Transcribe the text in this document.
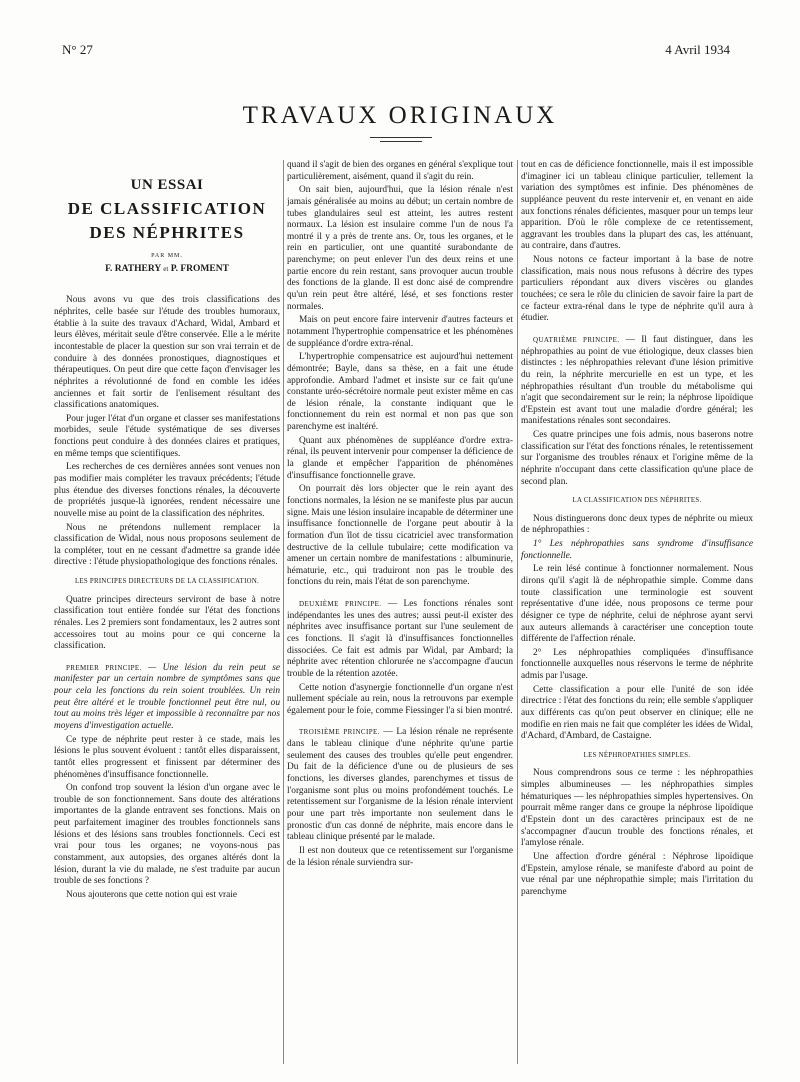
N° 27	4 Avril 1934
TRAVAUX ORIGINAUX
UN ESSAI
DE CLASSIFICATION
DES NÉPHRITES
PAR MM.
F. RATHERY et P. FROMENT

Nous avons vu que des trois classifications des néphrites, celle basée sur l'étude des troubles humoraux, établie à la suite des travaux d'Achard, Widal, Ambard et leurs élèves, méritait seule d'être conservée. Elle a le mérite incontestable de placer la question sur son vrai terrain et de conduire à des données pronostiques, diagnostiques et thérapeutiques. On peut dire que cette façon d'envisager les néphrites a révolutionné de fond en comble les idées anciennes et fait sortir de l'enlisement résultant des classifications anatomiques.

Pour juger l'état d'un organe et classer ses manifestations morbides, seule l'étude systématique de ses diverses fonctions peut conduire à des données claires et pratiques, en même temps que scientifiques.

Les recherches de ces dernières années sont venues non pas modifier mais compléter les travaux précédents; l'étude plus étendue des diverses fonctions rénales, la découverte de propriétés jusque-là ignorées, rendent nécessaire une nouvelle mise au point de la classification des néphrites.

Nous ne prétendons nullement remplacer la classification de Widal, nous nous proposons seulement de la compléter, tout en ne cessant d'admettre sa grande idée directive : l'étude physiopathologique des fonctions rénales.

LES PRINCIPES DIRECTEURS DE LA CLASSIFICATION.

Quatre principes directeurs serviront de base à notre classification tout entière fondée sur l'état des fonctions rénales. Les 2 premiers sont fondamentaux, les 2 autres sont accessoires tout au moins pour ce qui concerne la classification.

PREMIER PRINCIPE. — Une lésion du rein peut se manifester par un certain nombre de symptômes sans que pour cela les fonctions du rein soient troublées. Un rein peut être altéré et le trouble fonctionnel peut être nul, ou tout au moins très léger et impossible à reconnaître par nos moyens d'investigation actuelle.

Ce type de néphrite peut rester à ce stade, mais les lésions le plus souvent évoluent : tantôt elles disparaissent, tantôt elles progressent et finissent par déterminer des phénomènes d'insuffisance fonctionnelle.

On confond trop souvent la lésion d'un organe avec le trouble de son fonctionnement. Sans doute des altérations importantes de la glande entravent ses fonctions. Mais on peut parfaitement imaginer des troubles fonctionnels sans lésions et des lésions sans troubles fonctionnels. Ceci est vrai pour tous les organes; ne voyons-nous pas constamment, aux autopsies, des organes altérés dont la lésion, durant la vie du malade, ne s'est traduite par aucun trouble de ses fonctions ?

Nous ajouterons que cette notion qui est vraie

quand il s'agit de bien des organes en général s'explique tout particulièrement, aisément, quand il s'agit du rein.

On sait bien, aujourd'hui, que la lésion rénale n'est jamais généralisée au moins au début; un certain nombre de tubes glandulaires seul est atteint, les autres restent normaux. La lésion est insulaire comme l'un de nous l'a montré il y a près de trente ans. Or, tous les organes, et le rein en particulier, ont une quantité surabondante de parenchyme; on peut enlever l'un des deux reins et une partie encore du rein restant, sans provoquer aucun trouble des fonctions de la glande. Il est donc aisé de comprendre qu'un rein peut être altéré, lésé, et ses fonctions rester normales.

Mais on peut encore faire intervenir d'autres facteurs et notamment l'hypertrophie compensatrice et les phénomènes de suppléance d'ordre extra-rénal.

L'hypertrophie compensatrice est aujourd'hui nettement démontrée; Bayle, dans sa thèse, en a fait une étude approfondie. Ambard l'admet et insiste sur ce fait qu'une constante uréo-sécrétoire normale peut exister même en cas de lésion rénale, la constante indiquant que le fonctionnement du rein est normal et non pas que son parenchyme est inaltéré.

Quant aux phénomènes de suppléance d'ordre extra-rénal, ils peuvent intervenir pour compenser la déficience de la glande et empêcher l'apparition de phénomènes d'insuffisance fonctionnelle grave.

On pourrait dès lors objecter que le rein ayant des fonctions normales, la lésion ne se manifeste plus par aucun signe. Mais une lésion insulaire incapable de déterminer une insuffisance fonctionnelle de l'organe peut aboutir à la formation d'un îlot de tissu cicatriciel avec transformation destructive de la cellule tubulaire; cette modification va amener un certain nombre de manifestations : albuminurie, hématurie, etc., qui traduiront non pas le trouble des fonctions du rein, mais l'état de son parenchyme.

DEUXIÈME PRINCIPE. — Les fonctions rénales sont indépendantes les unes des autres; aussi peut-il exister des néphrites avec insuffisance portant sur l'une seulement de ces fonctions. Il s'agit là d'insuffisances fonctionnelles dissociées. Ce fait est admis par Widal, par Ambard; la néphrite avec rétention chlorurée ne s'accompagne d'aucun trouble de la rétention azotée.

Cette notion d'asynergie fonctionnelle d'un organe n'est nullement spéciale au rein, nous la retrouvons par exemple également pour le foie, comme Fiessinger l'a si bien montré.

TROISIÈME PRINCIPE. — La lésion rénale ne représente dans le tableau clinique d'une néphrite qu'une partie seulement des causes des troubles qu'elle peut engendrer. Du fait de la déficience d'une ou de plusieurs de ses fonctions, les diverses glandes, parenchymes et tissus de l'organisme sont plus ou moins profondément touchés. Le retentissement sur l'organisme de la lésion rénale intervient pour une part très importante non seulement dans le pronostic d'un cas donné de néphrite, mais encore dans le tableau clinique présenté par le malade.

Il est non douteux que ce retentissement sur l'organisme de la lésion rénale surviendra sur-

tout en cas de déficience fonctionnelle, mais il est impossible d'imaginer ici un tableau clinique particulier, tellement la variation des symptômes est infinie. Des phénomènes de suppléance peuvent du reste intervenir et, en venant en aide aux fonctions rénales déficientes, masquer pour un temps leur apparition. D'où le rôle complexe de ce retentissement, aggravant les troubles dans la plupart des cas, les atténuant, au contraire, dans d'autres.

Nous notons ce facteur important à la base de notre classification, mais nous nous refusons à décrire des types particuliers répondant aux divers viscères ou glandes touchées; ce sera le rôle du clinicien de savoir faire la part de ce facteur extra-rénal dans le type de néphrite qu'il aura à étudier.

QUATRIÈME PRINCIPE. — Il faut distinguer, dans les néphropathies au point de vue étiologique, deux classes bien distinctes : les néphropathies relevant d'une lésion primitive du rein, la néphrite mercurielle en est un type, et les néphropathies résultant d'un trouble du métabolisme qui n'agit que secondairement sur le rein; la néphrose lipoïdique d'Epstein est avant tout une maladie d'ordre général; les manifestations rénales sont secondaires.

Ces quatre principes une fois admis, nous baserons notre classification sur l'état des fonctions rénales, le retentissement sur l'organisme des troubles rénaux et l'origine même de la néphrite n'occupant dans cette classification qu'une place de second plan.

LA CLASSIFICATION DES NÉPHRITES.

Nous distinguerons donc deux types de néphrite ou mieux de néphropathies :

1° Les néphropathies sans syndrome d'insuffisance fonctionnelle.

Le rein lésé continue à fonctionner normalement. Nous dirons qu'il s'agit là de néphropathie simple. Comme dans toute classification une terminologie est souvent représentative d'une idée, nous proposons ce terme pour désigner ce type de néphrite, celui de néphrose ayant servi aux auteurs allemands à caractériser une conception toute différente de l'affection rénale.

2° Les néphropathies compliquées d'insuffisance fonctionnelle auxquelles nous réservons le terme de néphrite admis par l'usage.

Cette classification a pour elle l'unité de son idée directrice : l'état des fonctions du rein; elle semble s'appliquer aux différents cas qu'on peut observer en clinique; elle ne modifie en rien mais ne fait que compléter les idées de Widal, d'Achard, d'Ambard, de Castaigne.

LES NÉPHROPATHIES SIMPLES.

Nous comprendrons sous ce terme : les néphropathies simples albumineuses — les néphropathies simples hématuriques — les néphropathies simples hypertensives. On pourrait même ranger dans ce groupe la néphrose lipoïdique d'Epstein dont un des caractères principaux est de ne s'accompagner d'aucun trouble des fonctions rénales, et l'amylose rénale.

Une affection d'ordre général : Néphrose lipoïdique d'Epstein, amylose rénale, se manifeste d'abord au point de vue rénal par une néphropathie simple; mais l'irritation du parenchyme
